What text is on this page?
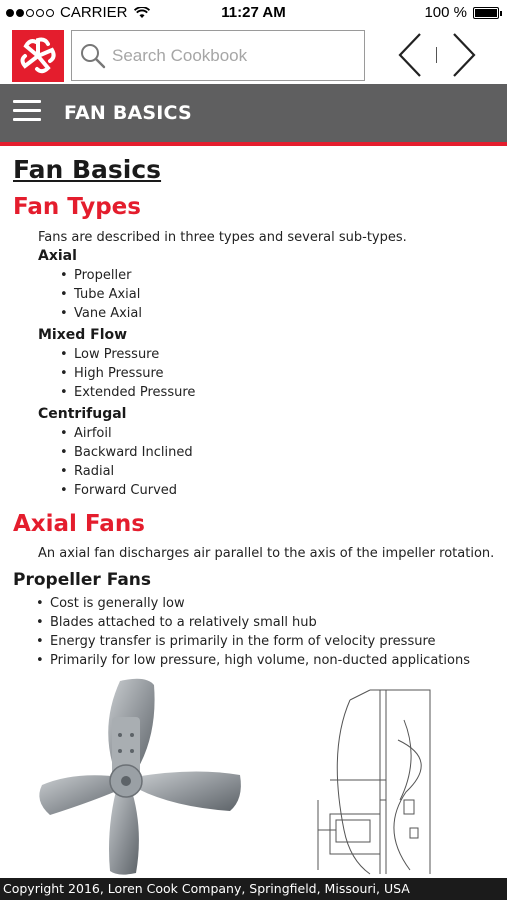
CARRIER	11:27 AM	100 %
Search Cookbook
FAN BASICS
Fan Basics
Fan Types
Fans are described in three types and several sub-types.
Axial
• Propeller
• Tube Axial
• Vane Axial
Mixed Flow
• Low Pressure
• High Pressure
• Extended Pressure
Centrifugal
• Airfoil
• Backward Inclined
• Radial
• Forward Curved
Axial Fans
An axial fan discharges air parallel to the axis of the impeller rotation.
Propeller Fans
• Cost is generally low
• Blades attached to a relatively small hub
• Energy transfer is primarily in the form of velocity pressure
• Primarily for low pressure, high volume, non-ducted applications
Copyright 2016, Loren Cook Company, Springfield, Missouri, USA
